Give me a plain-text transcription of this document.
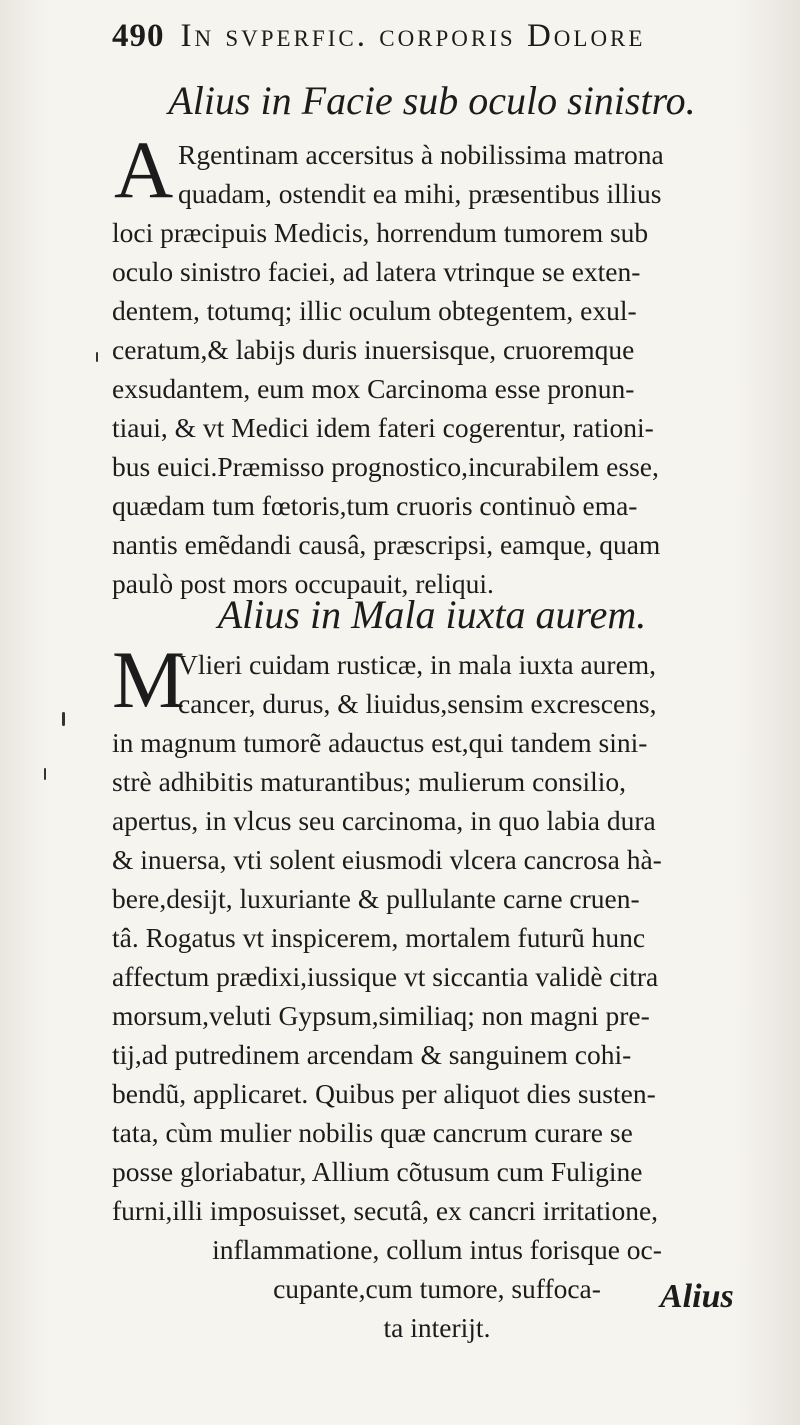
490 In svperfic. corporis Dolore
Alius in Facie sub oculo sinistro.
A Rgentinam accersitus à nobilissima matrona
quadam, ostendit ea mihi, præsentibus illius
loci præcipuis Medicis, horrendum tumorem sub
oculo sinistro faciei, ad latera vtrinque se exten-
dentem, totumq; illic oculum obtegentem, exul-
ceratum,& labijs duris inuersisque, cruoremque
exsudantem, eum mox Carcinoma esse pronun-
tiaui, & vt Medici idem fateri cogerentur, rationi-
bus euici.Præmisso prognostico,incurabilem esse,
quædam tum fœtoris,tum cruoris continuò ema-
nantis emẽdandi causâ, præscripsi, eamque, quam
paulò post mors occupauit, reliqui.
Alius in Mala iuxta aurem.
M
Vlieri cuidam rusticæ, in mala iuxta aurem,
cancer, durus, & liuidus,sensim excrescens,
in magnum tumorẽ adauctus est,qui tandem sini-
strè adhibitis maturantibus; mulierum consilio,
apertus, in vlcus seu carcinoma, in quo labia dura
& inuersa, vti solent eiusmodi vlcera cancrosa hà-
bere,desijt, luxuriante & pullulante carne cruen-
tâ. Rogatus vt inspicerem, mortalem futurũ hunc
affectum prædixi,iussique vt siccantia validè citra
morsum,veluti Gypsum,similiaq; non magni pre-
tij,ad putredinem arcendam & sanguinem cohi-
bendũ, applicaret. Quibus per aliquot dies susten-
tata, cùm mulier nobilis quæ cancrum curare se
posse gloriabatur, Allium cõtusum cum Fuligine
furni,illi imposuisset, secutâ, ex cancri irritatione,
inflammatione, collum intus forisque oc-
cupante,cum tumore, suffoca-
ta interijt.
Alius
